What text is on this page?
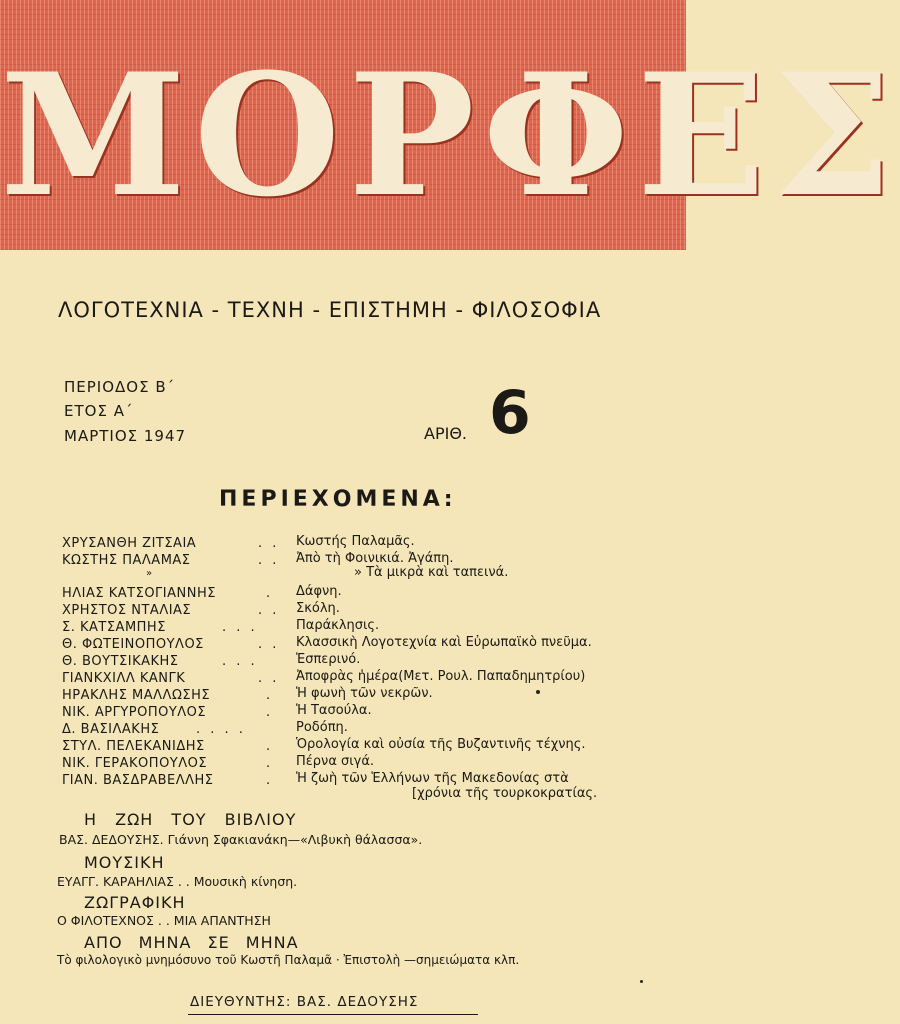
ΜΟΡΦΕΣ
ΛΟΓΟΤΕΧΝΙΑ - ΤΕΧΝΗ - ΕΠΙΣΤΗΜΗ - ΦΙΛΟΣΟΦΙΑ
ΠΕΡΙΟΔΟΣ Β΄
ΕΤΟΣ Α΄
ΜΑΡΤΙΟΣ 1947	ΑΡΙΘ. 6
ΠΕΡΙΕΧΟΜΕΝΑ:
ΧΡΥΣΑΝΘΗ ΖΙΤΣΑΙΑ	. . Κωστής Παλαμᾶς.
ΚΩΣΤΗΣ ΠΑΛΑΜΑΣ	. . Ἀπὸ τὴ Φοινικιά. Ἀγάπη.
»	» Τὰ μικρὰ καὶ ταπεινά.
ΗΛΙΑΣ ΚΑΤΣΟΓΙΑΝΝΗΣ	. Δάφνη.
ΧΡΗΣΤΟΣ ΝΤΑΛΙΑΣ	. . Σκόλη.
Σ. ΚΑΤΣΑΜΠΗΣ	. . .	Παράκλησις.
Θ. ΦΩΤΕΙΝΟΠΟΥΛΟΣ	. . Κλασσικὴ Λογοτεχνία καὶ Εὐρωπαϊκὸ πνεῦμα.
Θ. ΒΟΥΤΣΙΚΑΚΗΣ	. . .	Ἑσπερινό.
ΓΙΑΝΚΧΙΛΛ ΚΑΝΓΚ	. . Ἀποφρὰς ἡμέρα(Μετ. Ρουλ. Παπαδημητρίου)
ΗΡΑΚΛΗΣ ΜΑΛΛΩΣΗΣ	. Ἡ φωνὴ τῶν νεκρῶν.
ΝΙΚ. ΑΡΓΥΡΟΠΟΥΛΟΣ	. Ἡ Τασούλα.
Δ. ΒΑΣΙΛΑΚΗΣ	. . . .	Ροδόπη.
ΣΤΥΛ. ΠΕΛΕΚΑΝΙΔΗΣ	. Ὁρολογία καὶ οὐσία τῆς Βυζαντινῆς τέχνης.
ΝΙΚ. ΓΕΡΑΚΟΠΟΥΛΟΣ	. Πέρνα σιγά.
ΓΙΑΝ. ΒΑΣΔΡΑΒΕΛΛΗΣ	. Ἡ ζωὴ τῶν Ἑλλήνων τῆς Μακεδονίας στὰ
[χρόνια τῆς τουρκοκρατίας.
Η ΖΩΗ ΤΟΥ ΒΙΒΛΙΟΥ
ΒΑΣ. ΔΕΔΟΥΣΗΣ. Γιάννη Σφακιανάκη—«Λιβυκὴ θάλασσα».
ΜΟΥΣΙΚΗ
ΕΥΑΓΓ. ΚΑΡΑΗΛΙΑΣ . . Μουσικὴ κίνηση.
ΖΩΓΡΑΦΙΚΗ
Ο ΦΙΛΟΤΕΧΝΟΣ . . ΜΙΑ ΑΠΑΝΤΗΣΗ
ΑΠΟ ΜΗΝΑ ΣΕ ΜΗΝΑ
Τὸ φιλολογικὸ μνημόσυνο τοῦ Κωστῆ Παλαμᾶ · Ἐπιστολὴ —σημειώματα κλπ.
ΔΙΕΥΘΥΝΤΗΣ: ΒΑΣ. ΔΕΔΟΥΣΗΣ
